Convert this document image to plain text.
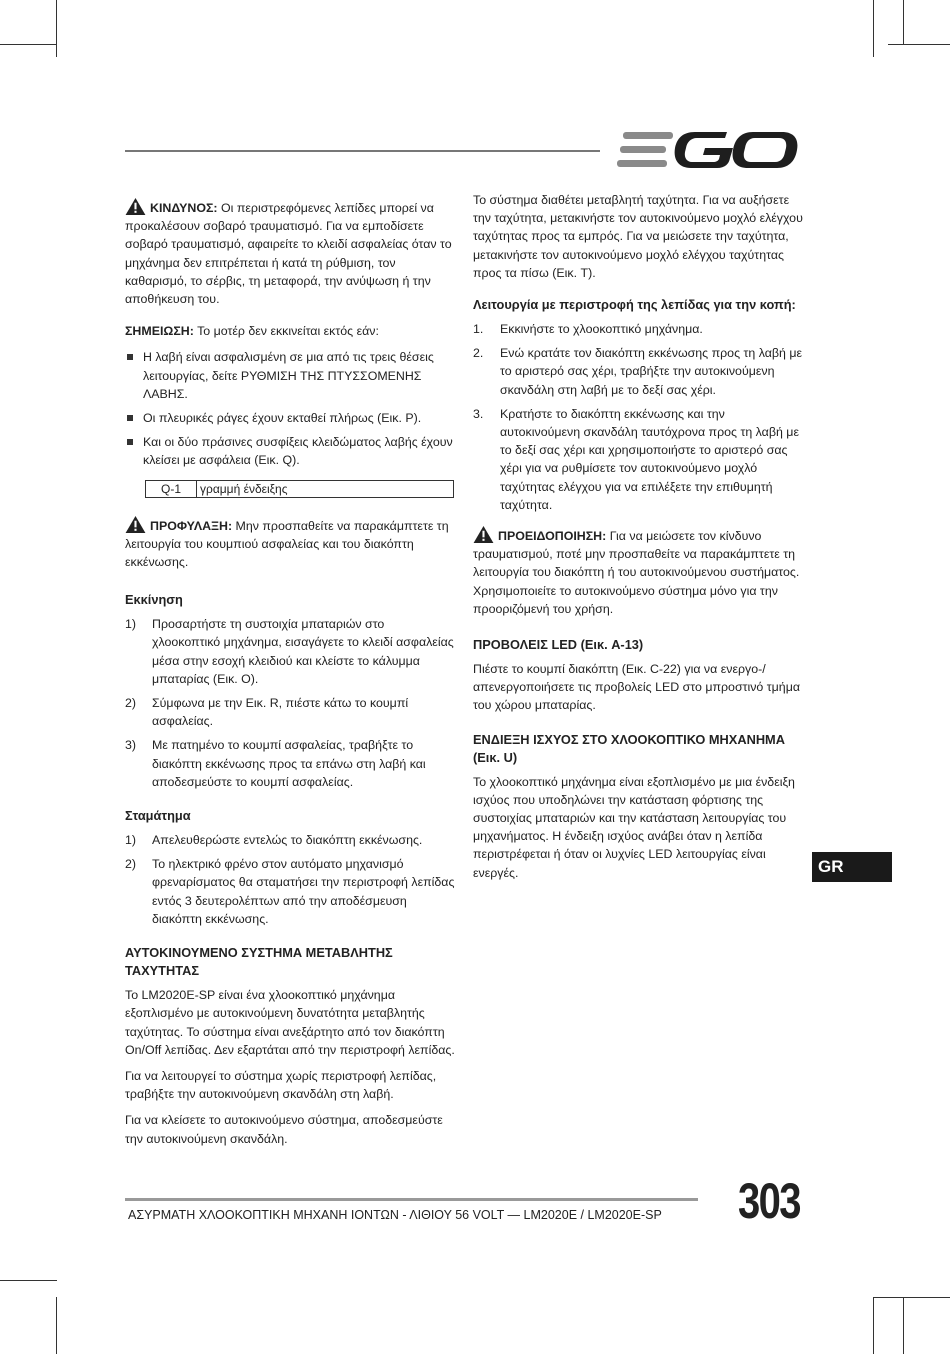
ΚΙΝΔΥΝΟΣ: Οι περιστρεφόμενες λεπίδες μπορεί να προκαλέσουν σοβαρό τραυματισμό. Για να εμποδίσετε σοβαρό τραυματισμό, αφαιρείτε το κλειδί ασφαλείας όταν το μηχάνημα δεν επιτρέπεται ή κατά τη ρύθμιση, τον καθαρισμό, το σέρβις, τη μεταφορά, την ανύψωση ή την αποθήκευση του.

ΣΗΜΕΙΩΣΗ: Το μοτέρ δεν εκκινείται εκτός εάν:

Η λαβή είναι ασφαλισμένη σε μια από τις τρεις θέσεις λειτουργίας, δείτε ΡΥΘΜΙΣΗ ΤΗΣ ΠΤΥΣΣΟΜΕΝΗΣ ΛΑΒΗΣ.
Οι πλευρικές ράγες έχουν εκταθεί πλήρως (Εικ. P).
Και οι δύο πράσινες συσφίξεις κλειδώματος λαβής έχουν κλείσει με ασφάλεια (Εικ. Q).
Q-1	γραμμή ένδειξης

ΠΡΟΦΥΛΑΞΗ: Μην προσπαθείτε να παρακάμπτετε τη λειτουργία του κουμπιού ασφαλείας και του διακόπτη εκκένωσης.

Εκκίνηση
1) Προσαρτήστε τη συστοιχία μπαταριών στο χλοοκοπτικό μηχάνημα, εισαγάγετε το κλειδί ασφαλείας μέσα στην εσοχή κλειδιού και κλείστε το κάλυμμα μπαταρίας (Εικ. O).
2) Σύμφωνα με την Εικ. R, πιέστε κάτω το κουμπί ασφαλείας.
3) Με πατημένο το κουμπί ασφαλείας, τραβήξτε το διακόπτη εκκένωσης προς τα επάνω στη λαβή και αποδεσμεύστε το κουμπί ασφαλείας.
Σταμάτημα
1) Απελευθερώστε εντελώς το διακόπτη εκκένωσης.
2) Το ηλεκτρικό φρένο στον αυτόματο μηχανισμό φρεναρίσματος θα σταματήσει την περιστροφή λεπίδας εντός 3 δευτερολέπτων από την αποδέσμευση διακόπτη εκκένωσης.
ΑΥΤΟΚΙΝΟΥΜΕΝΟ ΣΥΣΤΗΜΑ ΜΕΤΑΒΛΗΤΗΣ ΤΑΧΥΤΗΤΑΣ

Το LM2020E-SP είναι ένα χλοοκοπτικό μηχάνημα εξοπλισμένο με αυτοκινούμενη δυνατότητα μεταβλητής ταχύτητας. Το σύστημα είναι ανεξάρτητο από τον διακόπτη On/Off λεπίδας. Δεν εξαρτάται από την περιστροφή λεπίδας.

Για να λειτουργεί το σύστημα χωρίς περιστροφή λεπίδας, τραβήξτε την αυτοκινούμενη σκανδάλη στη λαβή.

Για να κλείσετε το αυτοκινούμενο σύστημα, αποδεσμεύστε την αυτοκινούμενη σκανδάλη.

Το σύστημα διαθέτει μεταβλητή ταχύτητα. Για να αυξήσετε την ταχύτητα, μετακινήστε τον αυτοκινούμενο μοχλό ελέγχου ταχύτητας προς τα εμπρός. Για να μειώσετε την ταχύτητα, μετακινήστε τον αυτοκινούμενο μοχλό ελέγχου ταχύτητας προς τα πίσω (Εικ. T).

Λειτουργία με περιστροφή της λεπίδας για την κοπή:
1. Εκκινήστε το χλοοκοπτικό μηχάνημα.
2. Ενώ κρατάτε τον διακόπτη εκκένωσης προς τη λαβή με το αριστερό σας χέρι, τραβήξτε την αυτοκινούμενη σκανδάλη στη λαβή με το δεξί σας χέρι.
3. Κρατήστε το διακόπτη εκκένωσης και την αυτοκινούμενη σκανδάλη ταυτόχρονα προς τη λαβή με το δεξί σας χέρι και χρησιμοποιήστε το αριστερό σας χέρι για να ρυθμίσετε τον αυτοκινούμενο μοχλό ταχύτητας ελέγχου για να επιλέξετε την επιθυμητή ταχύτητα.

ΠΡΟΕΙΔΟΠΟΙΗΣΗ: Για να μειώσετε τον κίνδυνο τραυματισμού, ποτέ μην προσπαθείτε να παρακάμπτετε τη λειτουργία του διακόπτη ή του αυτοκινούμενου συστήματος. Χρησιμοποιείτε το αυτοκινούμενο σύστημα μόνο για την προοριζόμενή του χρήση.

ΠΡΟΒΟΛΕΙΣ LED (Εικ. A-13)

Πιέστε το κουμπί διακόπτη (Εικ. C-22) για να ενεργο-/απενεργοποιήσετε τις προβολείς LED στο μπροστινό τμήμα του χώρου μπαταρίας.

ΕΝΔΙΕΞΗ ΙΣΧΥΟΣ ΣΤΟ ΧΛΟΟΚΟΠΤΙΚΟ ΜΗΧΑΝΗΜΑ (Εικ. U)

Το χλοοκοπτικό μηχάνημα είναι εξοπλισμένο με μια ένδειξη ισχύος που υποδηλώνει την κατάσταση φόρτισης της συστοιχίας μπαταριών και την κατάσταση λειτουργίας του μηχανήματος. Η ένδειξη ισχύος ανάβει όταν η λεπίδα περιστρέφεται ή όταν οι λυχνίες LED λειτουργίας είναι ενεργές.	GR
ΑΣΥΡΜΑΤΗ ΧΛΟΟΚΟΠΤΙΚΗ ΜΗΧΑΝΗ ΙΟΝΤΩΝ - ΛΙΘΙΟΥ 56 VOLT — LM2020E / LM2020E-SP 303
